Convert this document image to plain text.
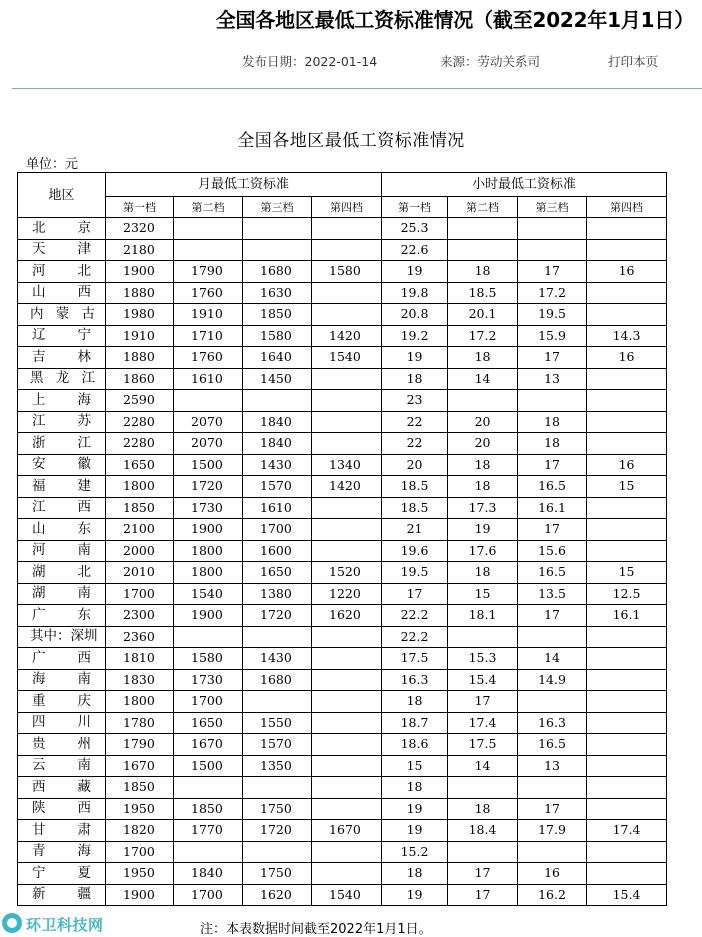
全国各地区最低工资标准情况（截至2022年1月1日）
发布日期：2022-01-14	来源：劳动关系司	打印本页
全国各地区最低工资标准情况
单位：元
地区	月最低工资标准				小时最低工资标准			
	第一档	第二档	第三档	第四档	第一档	第二档	第三档	第四档
北京	2320				25.3			
天津	2180				22.6			
河北	1900	1790	1680	1580	19	18	17	16
山西	1880	1760	1630		19.8	18.5	17.2	
内蒙古	1980	1910	1850		20.8	20.1	19.5	
辽宁	1910	1710	1580	1420	19.2	17.2	15.9	14.3
吉林	1880	1760	1640	1540	19	18	17	16
黑龙江	1860	1610	1450		18	14	13	
上海	2590				23			
江苏	2280	2070	1840		22	20	18	
浙江	2280	2070	1840		22	20	18	
安徽	1650	1500	1430	1340	20	18	17	16
福建	1800	1720	1570	1420	18.5	18	16.5	15
江西	1850	1730	1610		18.5	17.3	16.1	
山东	2100	1900	1700		21	19	17	
河南	2000	1800	1600		19.6	17.6	15.6	
湖北	2010	1800	1650	1520	19.5	18	16.5	15
湖南	1700	1540	1380	1220	17	15	13.5	12.5
广东	2300	1900	1720	1620	22.2	18.1	17	16.1
其中：深圳	2360				22.2			
广西	1810	1580	1430		17.5	15.3	14	
海南	1830	1730	1680		16.3	15.4	14.9	
重庆	1800	1700			18	17		
四川	1780	1650	1550		18.7	17.4	16.3	
贵州	1790	1670	1570		18.6	17.5	16.5	
云南	1670	1500	1350		15	14	13	
西藏	1850				18			
陕西	1950	1850	1750		19	18	17	
甘肃	1820	1770	1720	1670	19	18.4	17.9	17.4
青海	1700				15.2			
宁夏	1950	1840	1750		18	17	16	
新疆	1900	1700	1620	1540	19	17	16.2	15.4
注：本表数据时间截至2022年1月1日。
环卫科技网
